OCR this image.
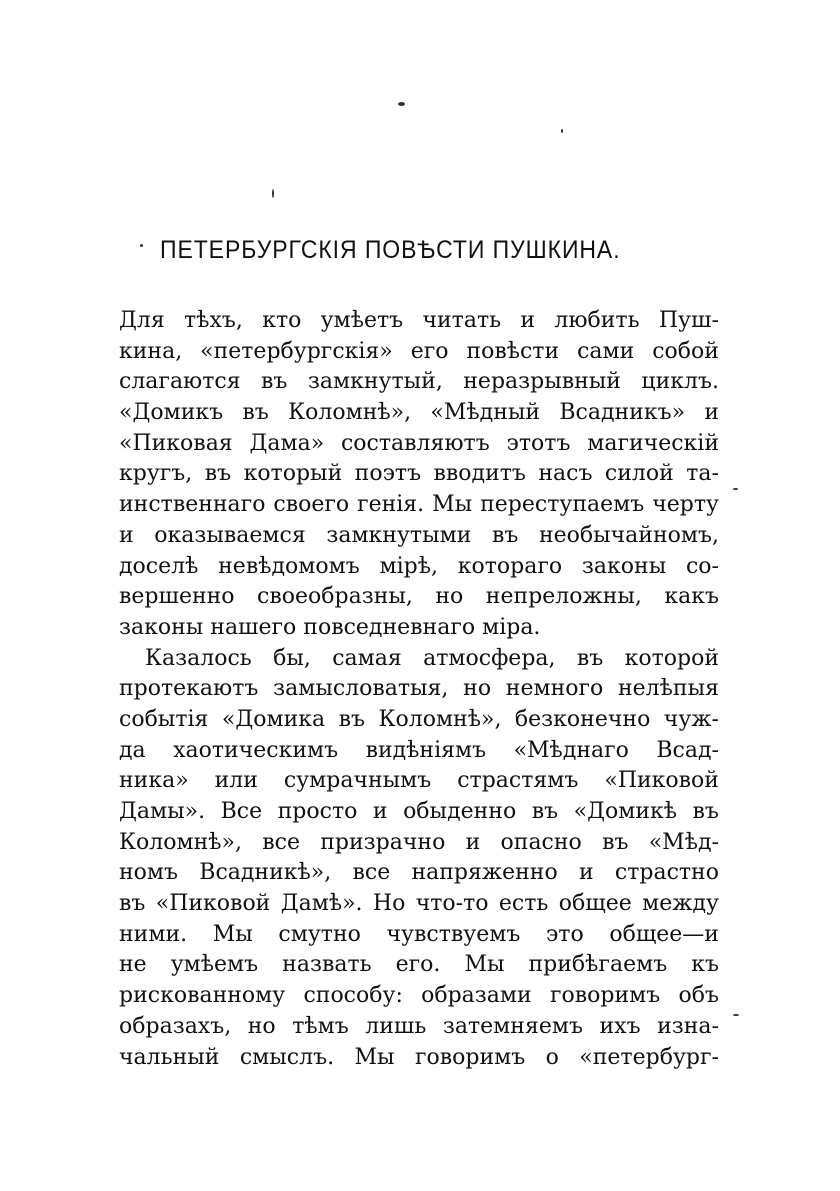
ПЕТЕРБУРГСКІЯ ПОВѢСТИ ПУШКИНА.
Для тѣхъ, кто умѣетъ читать и любить Пуш-
кина, «петербургскія» его повѣсти сами собой
слагаются въ замкнутый, неразрывный циклъ.
«Домикъ въ Коломнѣ», «Мѣдный Всадникъ» и
«Пиковая Дама» составляютъ этотъ магическій
кругъ, въ который поэтъ вводитъ насъ силой та-
инственнаго своего генія. Мы переступаемъ черту
и оказываемся замкнутыми въ необычайномъ,
доселѣ невѣдомомъ мірѣ, котораго законы со-
вершенно своеобразны, но непреложны, какъ
законы нашего повседневнаго міра.
Казалось бы, самая атмосфера, въ которой
протекаютъ замысловатыя, но немного нелѣпыя
событія «Домика въ Коломнѣ», безконечно чуж-
да хаотическимъ видѣніямъ «Мѣднаго Всад-
ника» или сумрачнымъ страстямъ «Пиковой
Дамы». Все просто и обыденно въ «Домикѣ въ
Коломнѣ», все призрачно и опасно въ «Мѣд-
номъ Всадникѣ», все напряженно и страстно
въ «Пиковой Дамѣ». Но что-то есть общее между
ними. Мы смутно чувствуемъ это общее—и
не умѣемъ назвать его. Мы прибѣгаемъ къ
рискованному способу: образами говоримъ объ
образахъ, но тѣмъ лишь затемняемъ ихъ изна-
чальный смыслъ. Мы говоримъ о «петербург-
